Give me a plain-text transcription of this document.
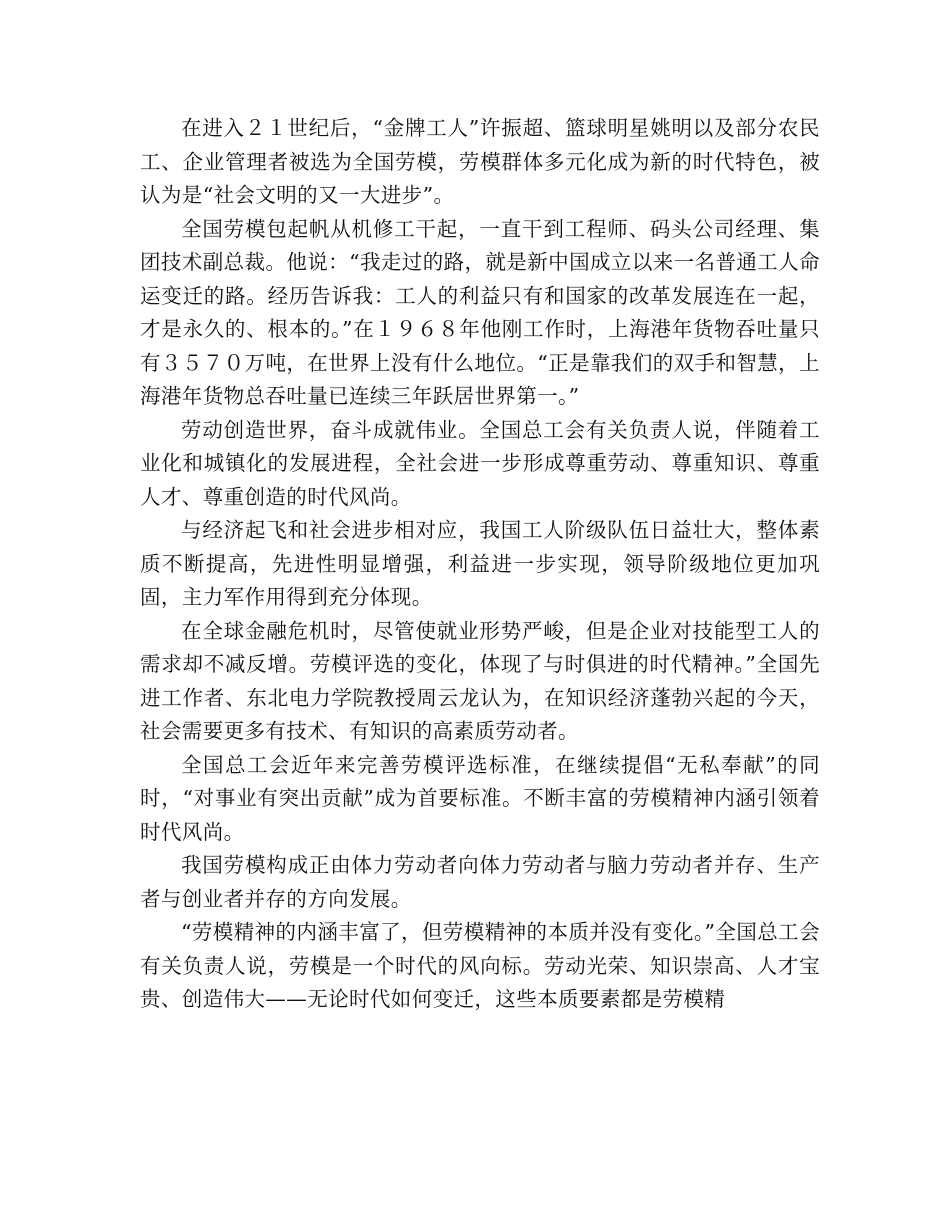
在进入２１世纪后，“金牌工人”许振超、篮球明星姚明以及部分农民工、企业管理者被选为全国劳模，劳模群体多元化成为新的时代特色，被认为是“社会文明的又一大进步”。

全国劳模包起帆从机修工干起，一直干到工程师、码头公司经理、集团技术副总裁。他说：“我走过的路，就是新中国成立以来一名普通工人命运变迁的路。经历告诉我：工人的利益只有和国家的改革发展连在一起，才是永久的、根本的。”在１９６８年他刚工作时，上海港年货物吞吐量只有３５７０万吨，在世界上没有什么地位。“正是靠我们的双手和智慧，上海港年货物总吞吐量已连续三年跃居世界第一。”

劳动创造世界，奋斗成就伟业。全国总工会有关负责人说，伴随着工业化和城镇化的发展进程，全社会进一步形成尊重劳动、尊重知识、尊重人才、尊重创造的时代风尚。

与经济起飞和社会进步相对应，我国工人阶级队伍日益壮大，整体素质不断提高，先进性明显增强，利益进一步实现，领导阶级地位更加巩固，主力军作用得到充分体现。

在全球金融危机时，尽管使就业形势严峻，但是企业对技能型工人的需求却不减反增。劳模评选的变化，体现了与时俱进的时代精神。”全国先进工作者、东北电力学院教授周云龙认为，在知识经济蓬勃兴起的今天，社会需要更多有技术、有知识的高素质劳动者。

全国总工会近年来完善劳模评选标准，在继续提倡“无私奉献”的同时，“对事业有突出贡献”成为首要标准。不断丰富的劳模精神内涵引领着时代风尚。

我国劳模构成正由体力劳动者向体力劳动者与脑力劳动者并存、生产者与创业者并存的方向发展。

“劳模精神的内涵丰富了，但劳模精神的本质并没有变化。”全国总工会有关负责人说，劳模是一个时代的风向标。劳动光荣、知识崇高、人才宝贵、创造伟大——无论时代如何变迁，这些本质要素都是劳模精
